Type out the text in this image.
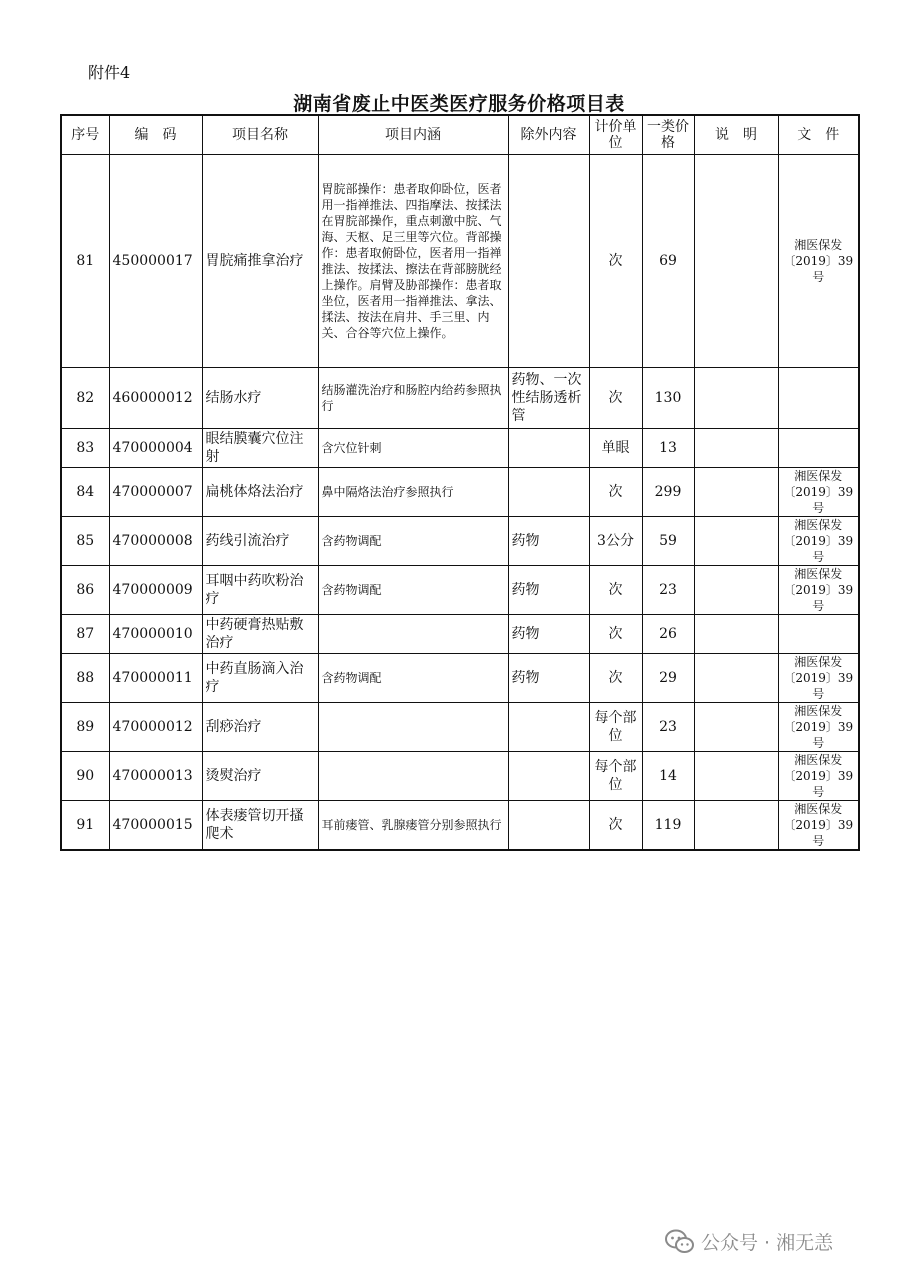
附件4
湖南省废止中医类医疗服务价格项目表
序号	编　码	项目名称	项目内涵	除外内容	计价单位	一类价格	说　明	文　件
81	450000017	胃脘痛推拿治疗	胃脘部操作：患者取仰卧位，医者用一指禅推法、四指摩法、按揉法在胃脘部操作，重点刺激中脘、气海、天枢、足三里等穴位。背部操作：患者取俯卧位，医者用一指禅推法、按揉法、擦法在背部膀胱经上操作。肩臂及胁部操作：患者取坐位，医者用一指禅推法、拿法、揉法、按法在肩井、手三里、内关、合谷等穴位上操作。		次	69		湘医保发〔2019〕39号
82	460000012	结肠水疗	结肠灌洗治疗和肠腔内给药参照执行	药物、一次性结肠透析管	次	130		
83	470000004	眼结膜囊穴位注射	含穴位针刺		单眼	13		
84	470000007	扁桃体烙法治疗	鼻中隔烙法治疗参照执行		次	299		湘医保发〔2019〕39号
85	470000008	药线引流治疗	含药物调配	药物	3公分	59		湘医保发〔2019〕39号
86	470000009	耳咽中药吹粉治疗	含药物调配	药物	次	23		湘医保发〔2019〕39号
87	470000010	中药硬膏热贴敷治疗		药物	次	26		
88	470000011	中药直肠滴入治疗	含药物调配	药物	次	29		湘医保发〔2019〕39号
89	470000012	刮痧治疗			每个部位	23		湘医保发〔2019〕39号
90	470000013	烫熨治疗			每个部位	14		湘医保发〔2019〕39号
91	470000015	体表瘘管切开搔爬术	耳前瘘管、乳腺瘘管分别参照执行		次	119		湘医保发〔2019〕39号
公众号 · 湘无恙
